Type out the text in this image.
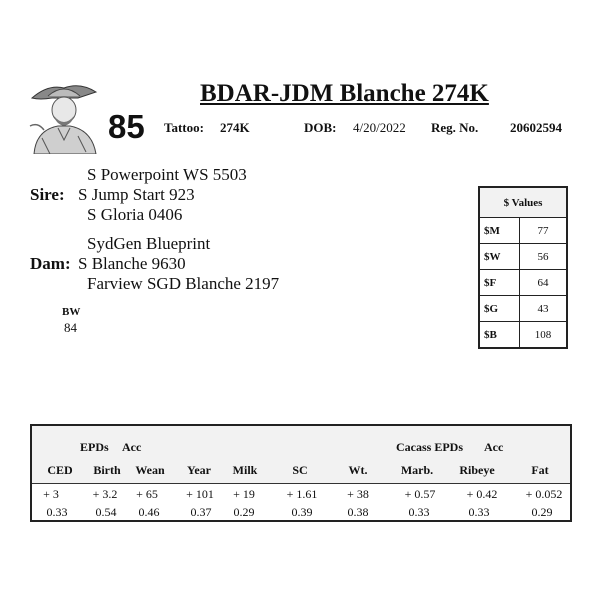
BDAR-JDM Blanche 274K
85 Tattoo: 274K	DOB: 4/20/2022 Reg. No. 20602594
S Powerpoint WS 5503
Sire: S Jump Start 923
S Gloria 0406
SydGen Blueprint
Dam: S Blanche 9630
Farview SGD Blanche 2197
BW
84
$ Values	
$M	77
$W	56
$F	64
$G	43
$B	108
EPDs Acc	Cacass EPDs Acc
CED	Birth	Wean	Year	Milk	SC	Wt.	Marb.	Ribeye	Fat
+ 3	+ 3.2	+ 65	+ 101	+ 19	+ 1.61	+ 38	+ 0.57	+ 0.42	+ 0.052
0.33	0.54	0.46	0.37	0.29	0.39	0.38	0.33	0.33	0.29
